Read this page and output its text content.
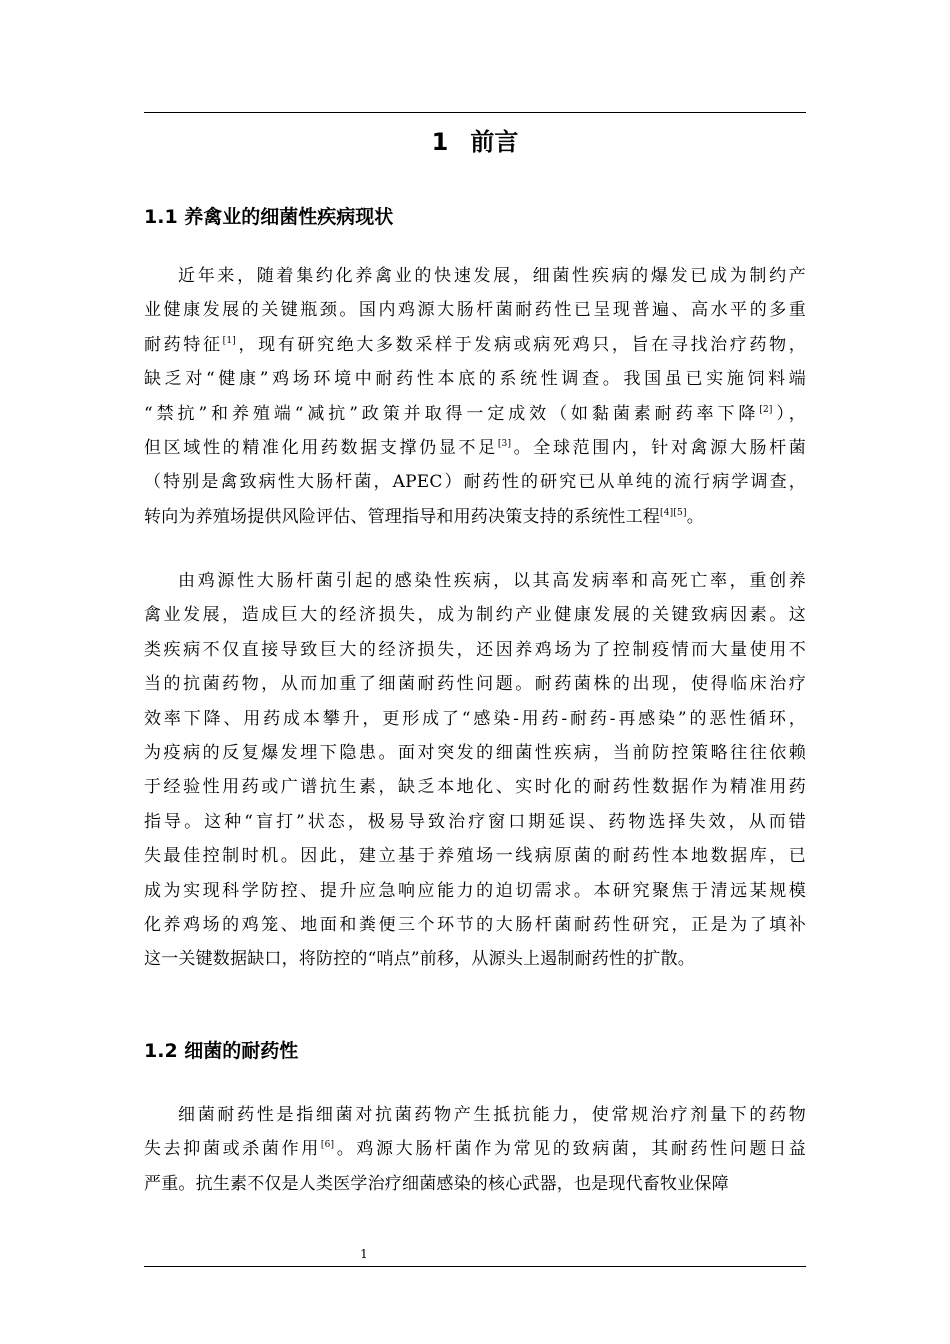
1 前言
1.1 养禽业的细菌性疾病现状
近年来，随着集约化养禽业的快速发展，细菌性疾病的爆发已成为制约产
业健康发展的关键瓶颈。国内鸡源大肠杆菌耐药性已呈现普遍、高水平的多重
耐药特征[1]，现有研究绝大多数采样于发病或病死鸡只，旨在寻找治疗药物，
缺乏对“健康”鸡场环境中耐药性本底的系统性调查。我国虽已实施饲料端
“禁抗”和养殖端“减抗”政策并取得一定成效（如黏菌素耐药率下降[2]），
但区域性的精准化用药数据支撑仍显不足[3]。全球范围内，针对禽源大肠杆菌
（特别是禽致病性大肠杆菌，APEC）耐药性的研究已从单纯的流行病学调查，
转向为养殖场提供风险评估、管理指导和用药决策支持的系统性工程[4][5]。
由鸡源性大肠杆菌引起的感染性疾病，以其高发病率和高死亡率，重创养
禽业发展，造成巨大的经济损失，成为制约产业健康发展的关键致病因素。这
类疾病不仅直接导致巨大的经济损失，还因养鸡场为了控制疫情而大量使用不
当的抗菌药物，从而加重了细菌耐药性问题。耐药菌株的出现，使得临床治疗
效率下降、用药成本攀升，更形成了“感染-用药-耐药-再感染”的恶性循环，
为疫病的反复爆发埋下隐患。面对突发的细菌性疾病，当前防控策略往往依赖
于经验性用药或广谱抗生素，缺乏本地化、实时化的耐药性数据作为精准用药
指导。这种“盲打”状态，极易导致治疗窗口期延误、药物选择失效，从而错
失最佳控制时机。因此，建立基于养殖场一线病原菌的耐药性本地数据库，已
成为实现科学防控、提升应急响应能力的迫切需求。本研究聚焦于清远某规模
化养鸡场的鸡笼、地面和粪便三个环节的大肠杆菌耐药性研究，正是为了填补
这一关键数据缺口，将防控的“哨点”前移，从源头上遏制耐药性的扩散。
1.2 细菌的耐药性
细菌耐药性是指细菌对抗菌药物产生抵抗能力，使常规治疗剂量下的药物
失去抑菌或杀菌作用[6]。鸡源大肠杆菌作为常见的致病菌，其耐药性问题日益
严重。抗生素不仅是人类医学治疗细菌感染的核心武器，也是现代畜牧业保障
1
